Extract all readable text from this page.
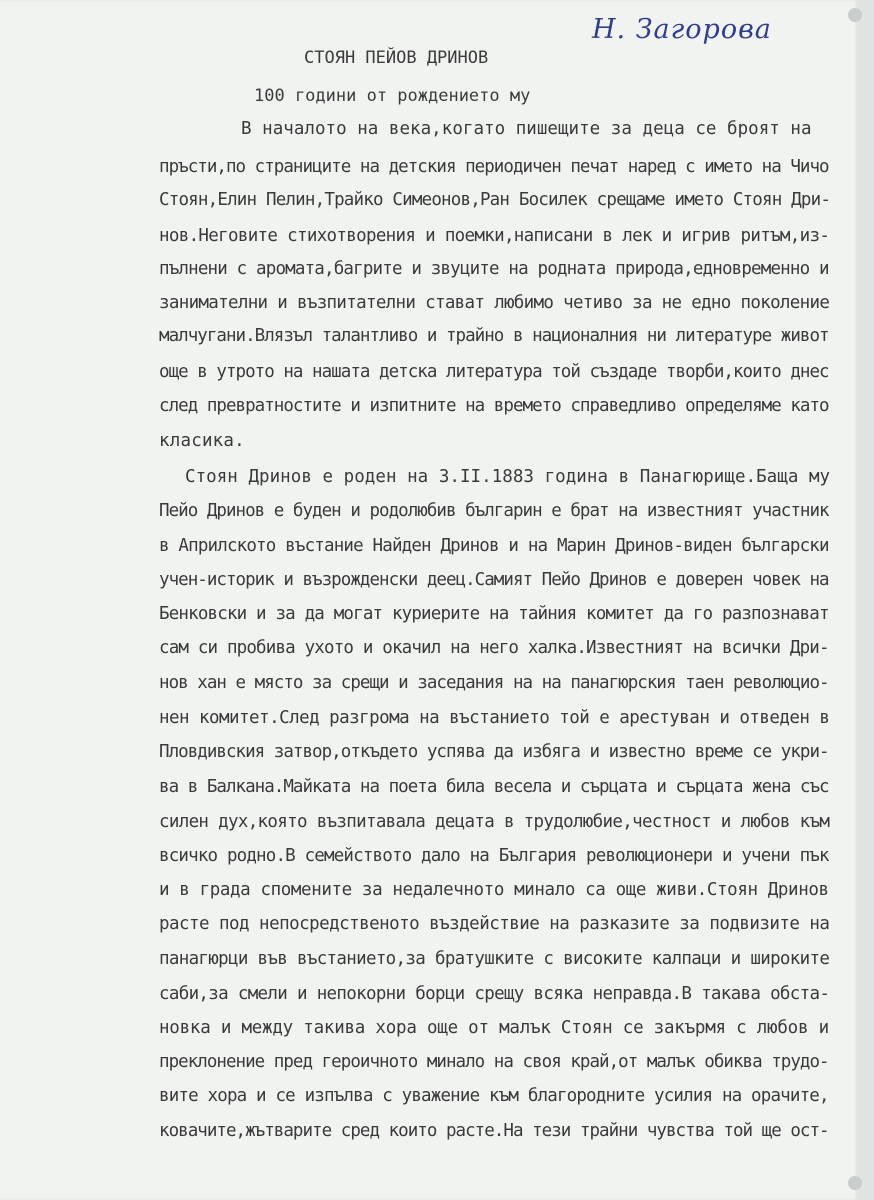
Н. Загорова
СТОЯН ПЕЙОВ ДРИНОВ
100 години от рождението му
В началото на века,когато пишещите за деца се броят на
пръсти,по страниците на детския периодичен печат наред с името на Чичо
Стоян,Елин Пелин,Трайко Симеонов,Ран Босилек срещаме името Стоян Дри-
нов.Неговите стихотворения и поемки,написани в лек и игрив ритъм,из-
пълнени с аромата,багрите и звуците на родната природа,едновременно и
занимателни и възпитателни стават любимо четиво за не едно поколение
малчугани.Влязъл талантливо и трайно в националния ни литературе живот
още в утрото на нашата детска литература той създаде творби,които днес
след превратностите и изпитните на времето справедливо определяме като
класика.
Стоян Дринов е роден на 3.II.1883 година в Панагюрище.Баща му
Пейо Дринов е буден и родолюбив българин е брат на известният участник
в Априлското въстание Найден Дринов и на Марин Дринов-виден български
учен-историк и възрожденски деец.Самият Пейо Дринов е доверен човек на
Бенковски и за да могат куриерите на тайния комитет да го разпознават
сам си пробива ухото и окачил на него халка.Известният на всички Дри-
нов хан е място за срещи и заседания на на панагюрския таен революцио-
нен комитет.След разгрома на въстанието той е арестуван и отведен в
Пловдивския затвор,откъдето успява да избяга и известно време се укри-
ва в Балкана.Майката на поета била весела и сърцата и сърцата жена със
силен дух,която възпитавала децата в трудолюбие,честност и любов към
всичко родно.В семейството дало на България революционери и учени пък
и в града спомените за недалечното минало са още живи.Стоян Дринов
расте под непосредственото въздействие на разказите за подвизите на
панагюрци във въстанието,за братушките с високите калпаци и широките
саби,за смели и непокорни борци срещу всяка неправда.В такава обста-
новка и между такива хора още от малък Стоян се закърмя с любов и
преклонение пред героичното минало на своя край,от малък обиква трудо-
вите хора и се изпълва с уважение към благородните усилия на орачите,
ковачите,жътварите сред които расте.На тези трайни чувства той ще ост-
